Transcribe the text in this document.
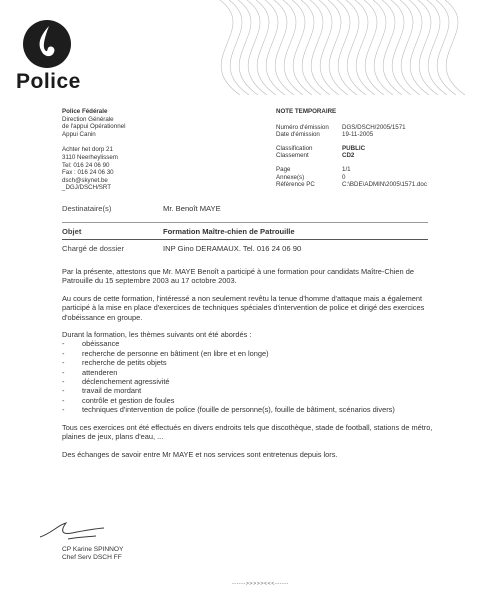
Police
Police Fédérale
Direction Générale
de l'appui Opérationnel
Appui Canin
Achter het dorp 21
3110 Neerheylissem
Tel: 016 24 06 90
Fax : 016 24 06 30
dsch@skynet.be
_DGJ/DSCH/SRT
NOTE TEMPORAIRE
Numéro d'émission	DGS/DSCH/2005/1571
Date d'émission	19-11-2005
Classification	PUBLIC
Classement	CD2
Page	1/1
Annexe(s)	0
Référence PC	C:\BDE\ADMIN\2005\1571.doc
Destinataire(s)	Mr. Benoît MAYE
Objet	Formation Maître-chien de Patrouille
Chargé de dossier	INP Gino DERAMAUX. Tel. 016 24 06 90

Par la présente, attestons que Mr. MAYE Benoît a participé à une formation pour candidats Maître-Chien de Patrouille du 15 septembre 2003 au 17 octobre 2003.

Au cours de cette formation, l'intéressé a non seulement revêtu la tenue d'homme d'attaque mais a également participé à la mise en place d'exercices de techniques spéciales d'intervention de police et dirigé des exercices d'obéissance en groupe.

Durant la formation, les thèmes suivants ont été abordés :

-	obéissance
-	recherche de personne en bâtiment (en libre et en longe)
-	recherche de petits objets
-	attenderen
-	déclenchement agressivité
-	travail de mordant
-	contrôle et gestion de foules
-	techniques d'intervention de police (fouille de personne(s), fouille de bâtiment, scénarios divers)

Tous ces exercices ont été effectués en divers endroits tels que discothèque, stade de football, stations de métro, plaines de jeux, plans d'eau, ...

Des échanges de savoir entre Mr MAYE et nos services sont entretenus depuis lors.

CP Karine SPINNOY
Chef Serv DSCH FF
------>>>>><<<------
